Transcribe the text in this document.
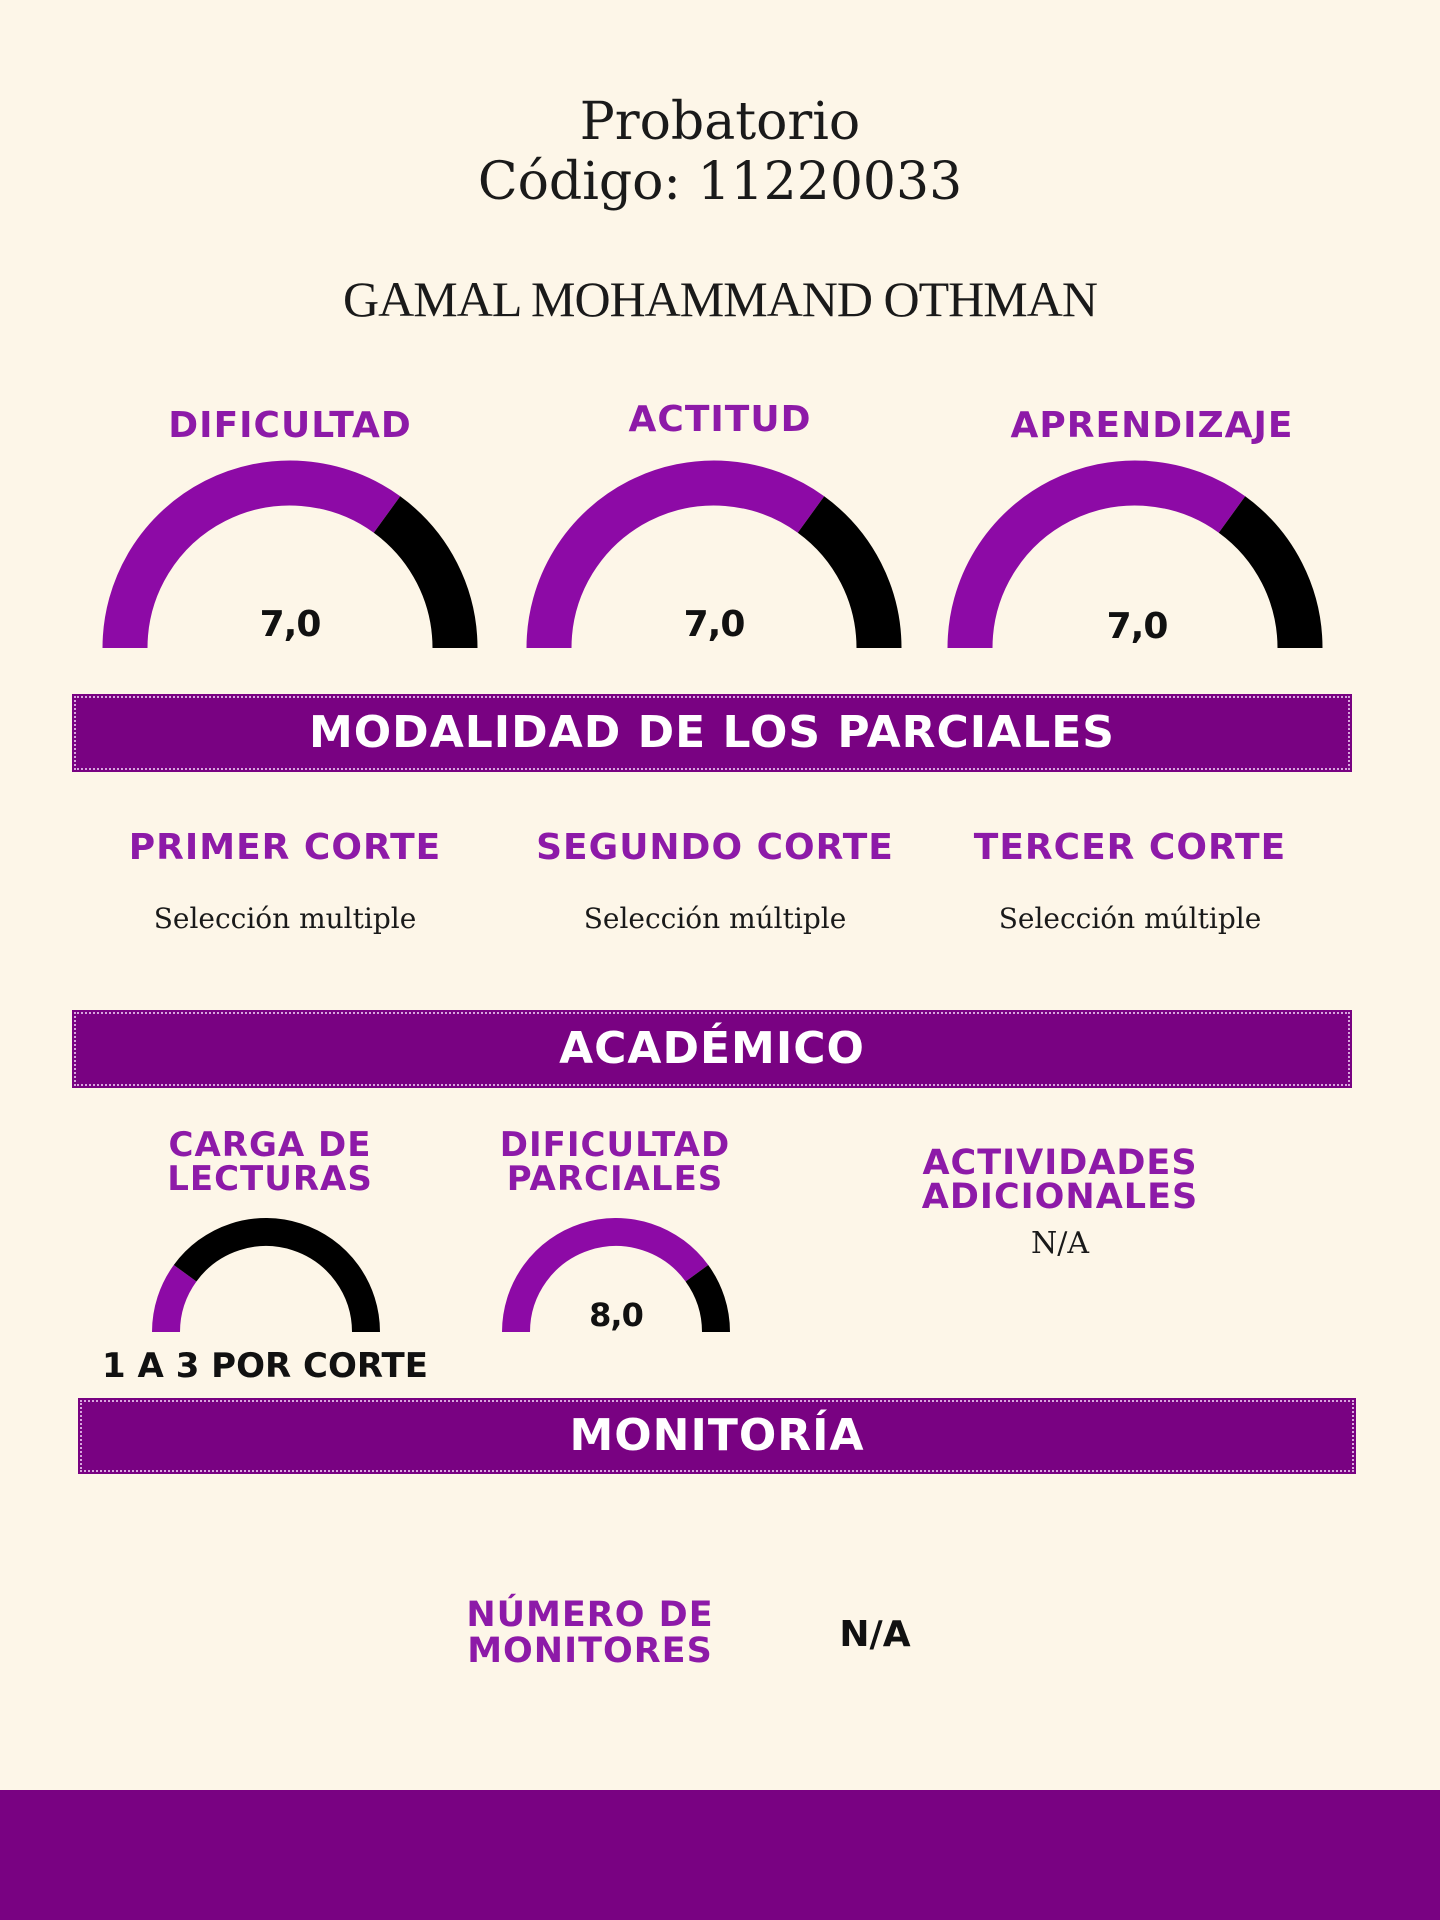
Probatorio
Código: 11220033
GAMAL MOHAMMAND OTHMAN
DIFICULTAD
7,0
ACTITUD
7,0
APRENDIZAJE
7,0
MODALIDAD DE LOS PARCIALES
PRIMER CORTE
Selección multiple
SEGUNDO CORTE
Selección múltiple
TERCER CORTE
Selección múltiple
ACADÉMICO
CARGA DE
LECTURAS
1 A 3 POR CORTE
DIFICULTAD
PARCIALES
8,0
ACTIVIDADES ADICIONALES
N/A
MONITORÍA
NÚMERO DE
MONITORES	N/A
